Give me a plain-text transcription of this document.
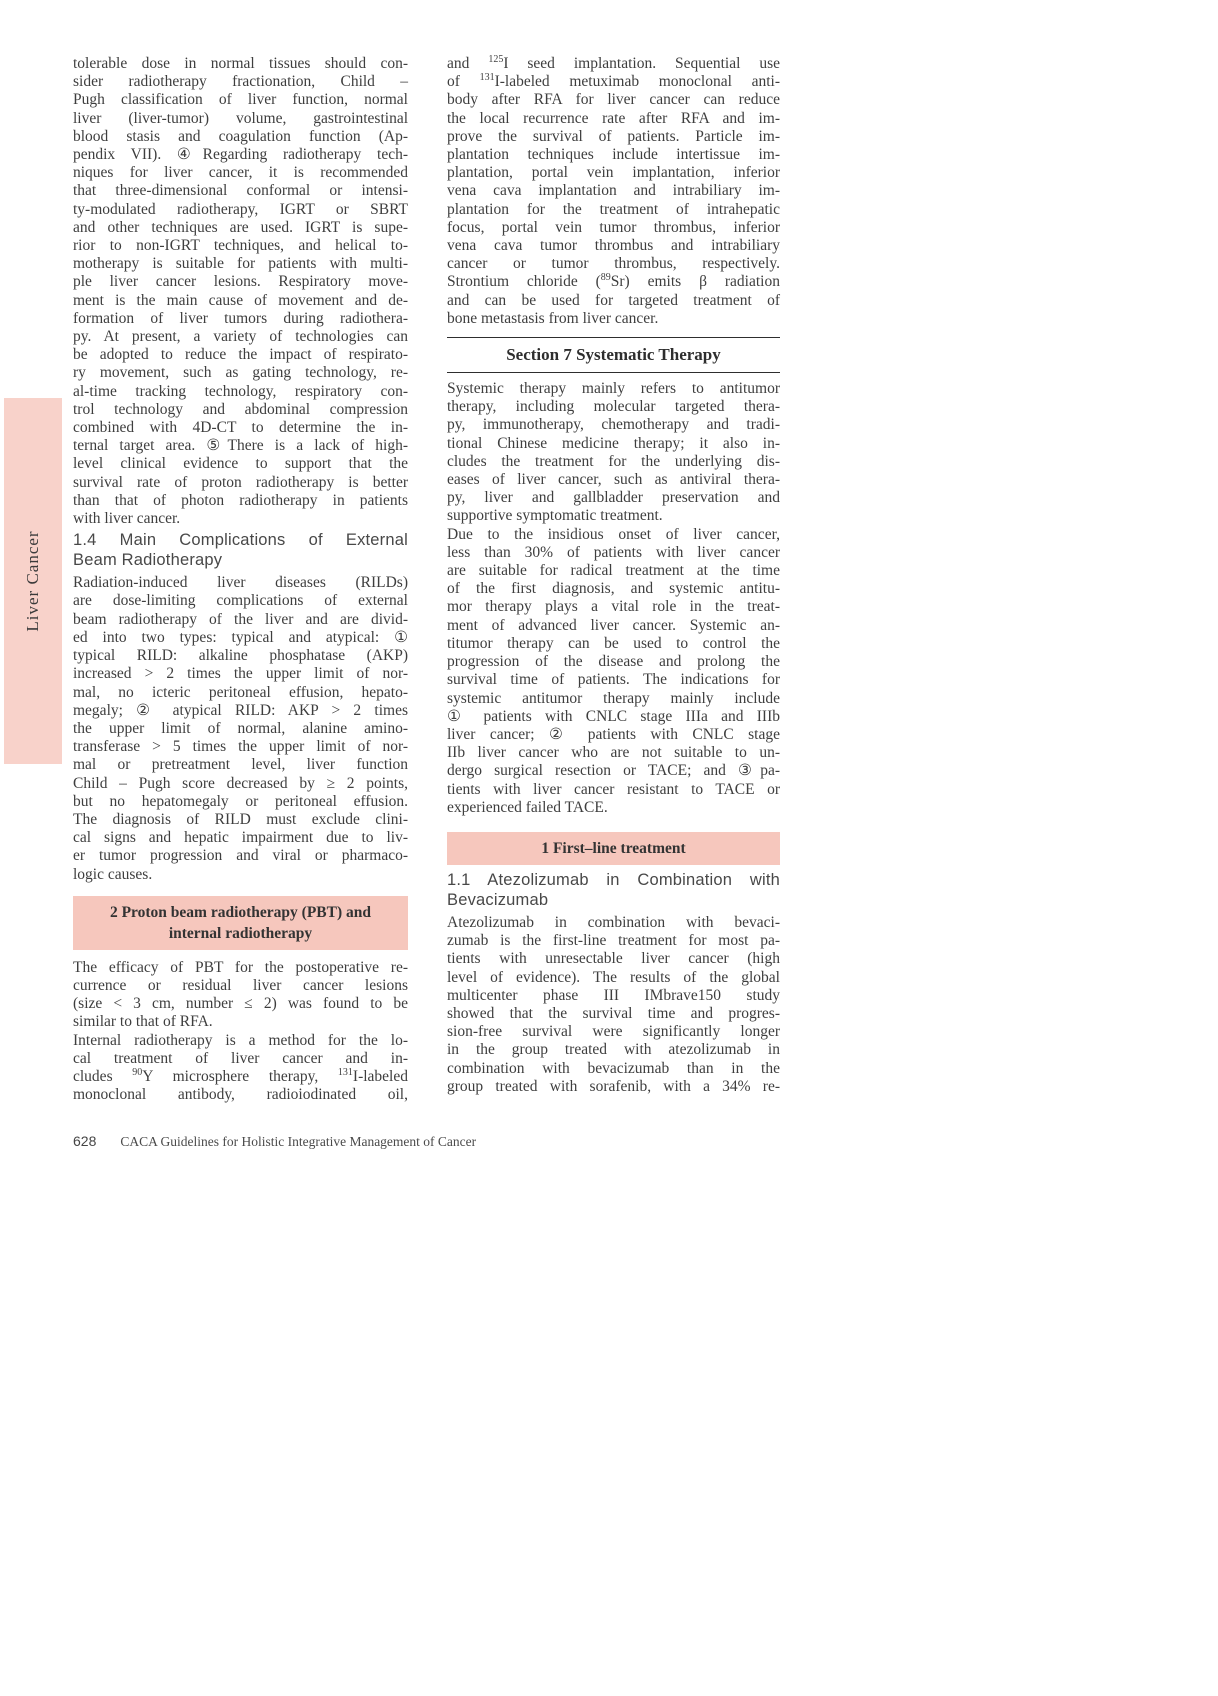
Liver Cancer
tolerable dose in normal tissues should con-
sider radiotherapy fractionation, Child –
Pugh classification of liver function, normal
liver (liver-tumor) volume, gastrointestinal
blood stasis and coagulation function (Ap-
pendix VII). ④Regarding radiotherapy tech-
niques for liver cancer, it is recommended
that three-dimensional conformal or intensi-
ty-modulated radiotherapy, IGRT or SBRT
and other techniques are used. IGRT is supe-
rior to non-IGRT techniques, and helical to-
motherapy is suitable for patients with multi-
ple liver cancer lesions. Respiratory move-
ment is the main cause of movement and de-
formation of liver tumors during radiothera-
py. At present, a variety of technologies can
be adopted to reduce the impact of respirato-
ry movement, such as gating technology, re-
al-time tracking technology, respiratory con-
trol technology and abdominal compression
combined with 4D-CT to determine the in-
ternal target area. ⑤There is a lack of high-
level clinical evidence to support that the
survival rate of proton radiotherapy is better
than that of photon radiotherapy in patients
with liver cancer.
1.4 Main Complications of External
Beam Radiotherapy
Radiation-induced liver diseases (RILDs)
are dose-limiting complications of external
beam radiotherapy of the liver and are divid-
ed into two types: typical and atypical: ①
typical RILD: alkaline phosphatase (AKP)
increased > 2 times the upper limit of nor-
mal, no icteric peritoneal effusion, hepato-
megaly; ② atypical RILD: AKP > 2 times
the upper limit of normal, alanine amino-
transferase > 5 times the upper limit of nor-
mal or pretreatment level, liver function
Child – Pugh score decreased by ≥ 2 points,
but no hepatomegaly or peritoneal effusion.
The diagnosis of RILD must exclude clini-
cal signs and hepatic impairment due to liv-
er tumor progression and viral or pharmaco-
logic causes.
2 Proton beam radiotherapy (PBT) and
internal radiotherapy
The efficacy of PBT for the postoperative re-
currence or residual liver cancer lesions
(size < 3 cm, number ≤ 2) was found to be
similar to that of RFA.
Internal radiotherapy is a method for the lo-
cal treatment of liver cancer and in-
cludes $^{90}$Y microsphere therapy, $^{131}$I-labeled
monoclonal antibody, radioiodinated oil,
and $^{125}$I seed implantation. Sequential use
of $^{131}$I-labeled metuximab monoclonal anti-
body after RFA for liver cancer can reduce
the local recurrence rate after RFA and im-
prove the survival of patients. Particle im-
plantation techniques include intertissue im-
plantation, portal vein implantation, inferior
vena cava implantation and intrabiliary im-
plantation for the treatment of intrahepatic
focus, portal vein tumor thrombus, inferior
vena cava tumor thrombus and intrabiliary
cancer or tumor thrombus, respectively.
Strontium chloride ($^{89}$Sr) emits β radiation
and can be used for targeted treatment of
bone metastasis from liver cancer.
Section 7 Systematic Therapy
Systemic therapy mainly refers to antitumor
therapy, including molecular targeted thera-
py, immunotherapy, chemotherapy and tradi-
tional Chinese medicine therapy; it also in-
cludes the treatment for the underlying dis-
eases of liver cancer, such as antiviral thera-
py, liver and gallbladder preservation and
supportive symptomatic treatment.
Due to the insidious onset of liver cancer,
less than 30% of patients with liver cancer
are suitable for radical treatment at the time
of the first diagnosis, and systemic antitu-
mor therapy plays a vital role in the treat-
ment of advanced liver cancer. Systemic an-
titumor therapy can be used to control the
progression of the disease and prolong the
survival time of patients. The indications for
systemic antitumor therapy mainly include
① patients with CNLC stage IIIa and IIIb
liver cancer; ② patients with CNLC stage
IIb liver cancer who are not suitable to un-
dergo surgical resection or TACE; and ③pa-
tients with liver cancer resistant to TACE or
experienced failed TACE.
1 First–line treatment
1.1 Atezolizumab in Combination with
Bevacizumab
Atezolizumab in combination with bevaci-
zumab is the first-line treatment for most pa-
tients with unresectable liver cancer (high
level of evidence). The results of the global
multicenter phase III IMbrave150 study
showed that the survival time and progres-
sion-free survival were significantly longer
in the group treated with atezolizumab in
combination with bevacizumab than in the
group treated with sorafenib, with a 34% re-
628 CACA Guidelines for Holistic Integrative Management of Cancer
